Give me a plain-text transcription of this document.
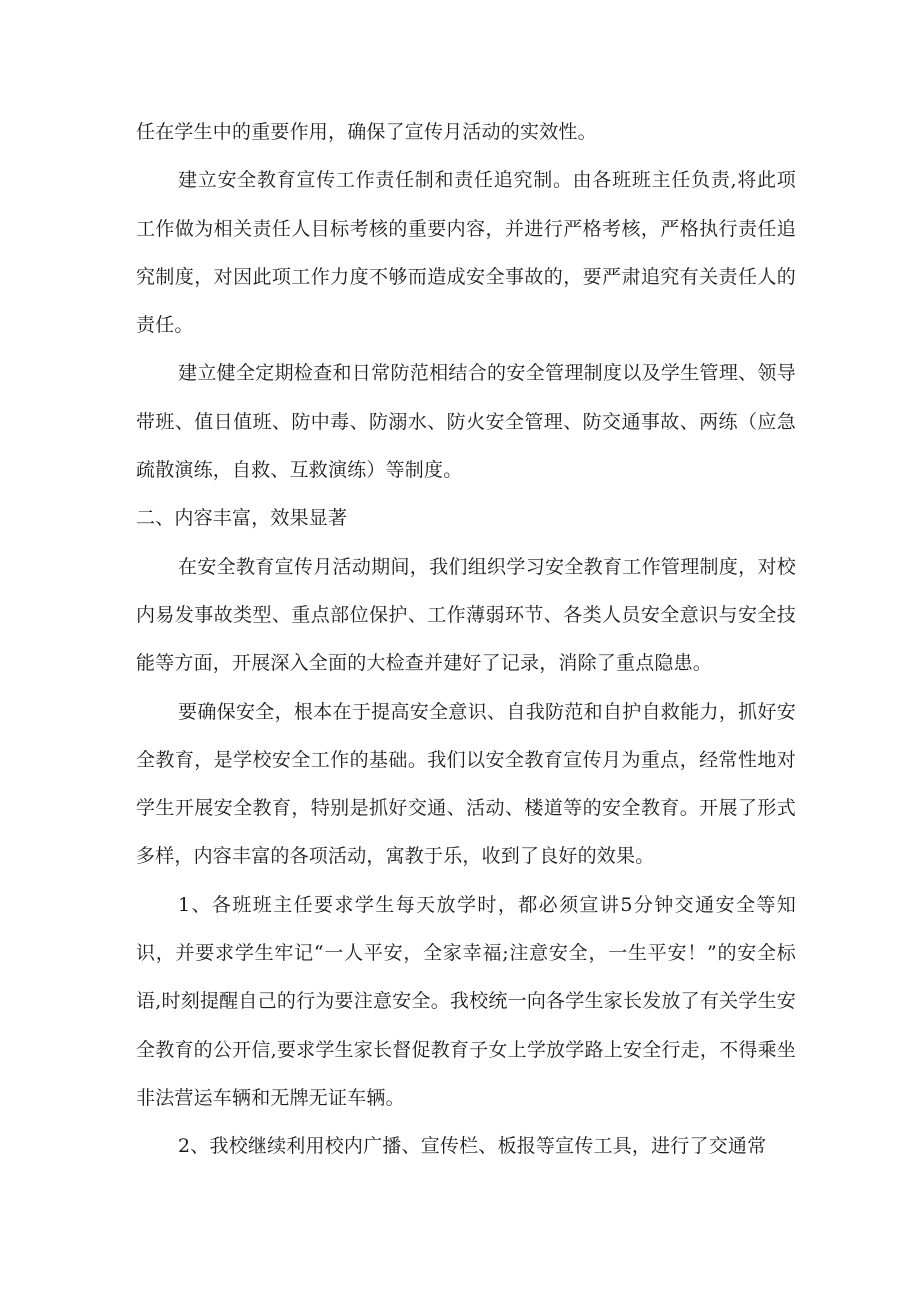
任在学生中的重要作用，确保了宣传月活动的实效性。

建立安全教育宣传工作责任制和责任追究制。由各班班主任负责,将此项工作做为相关责任人目标考核的重要内容，并进行严格考核，严格执行责任追究制度，对因此项工作力度不够而造成安全事故的，要严肃追究有关责任人的责任。

建立健全定期检查和日常防范相结合的安全管理制度以及学生管理、领导带班、值日值班、防中毒、防溺水、防火安全管理、防交通事故、两练（应急疏散演练，自救、互救演练）等制度。

二、内容丰富，效果显著

在安全教育宣传月活动期间，我们组织学习安全教育工作管理制度，对校内易发事故类型、重点部位保护、工作薄弱环节、各类人员安全意识与安全技能等方面，开展深入全面的大检查并建好了记录，消除了重点隐患。

要确保安全，根本在于提高安全意识、自我防范和自护自救能力，抓好安全教育，是学校安全工作的基础。我们以安全教育宣传月为重点，经常性地对学生开展安全教育，特别是抓好交通、活动、楼道等的安全教育。开展了形式多样，内容丰富的各项活动，寓教于乐，收到了良好的效果。

1、各班班主任要求学生每天放学时，都必须宣讲5分钟交通安全等知识，并要求学生牢记“一人平安，全家幸福;注意安全，一生平安！”的安全标语,时刻提醒自己的行为要注意安全。我校统一向各学生家长发放了有关学生安全教育的公开信,要求学生家长督促教育子女上学放学路上安全行走，不得乘坐非法营运车辆和无牌无证车辆。

2、我校继续利用校内广播、宣传栏、板报等宣传工具，进行了交通常
